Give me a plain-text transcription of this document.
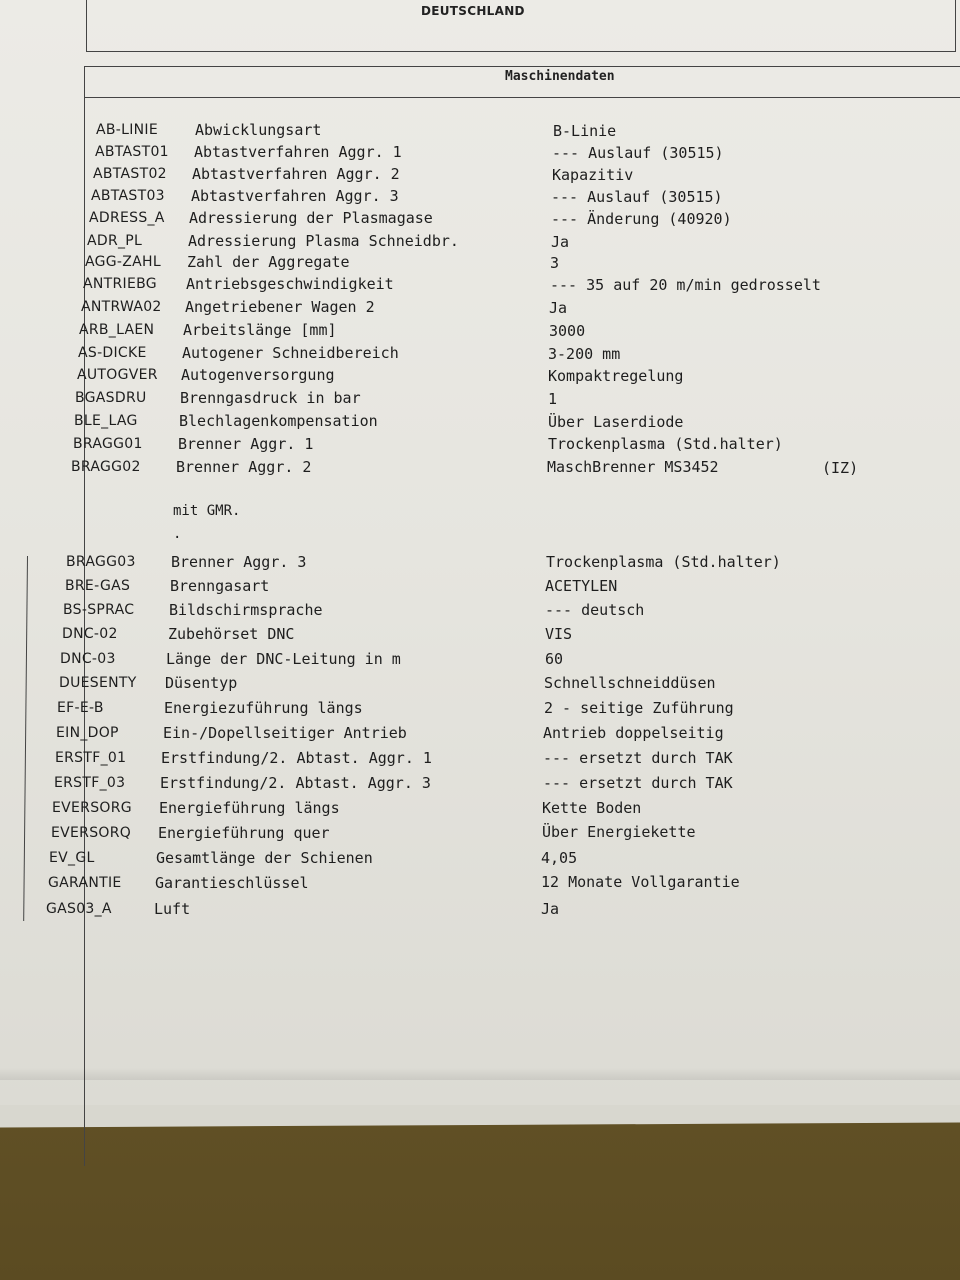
DEUTSCHLAND
Maschinendaten
AB-LINIE Abwicklungsart	B-Linie
ABTAST01 Abtastverfahren Aggr. 1	--- Auslauf (30515)
ABTAST02 Abtastverfahren Aggr. 2	Kapazitiv
ABTAST03 Abtastverfahren Aggr. 3	--- Auslauf (30515)
ADRESS_A Adressierung der Plasmagase	--- Änderung (40920)
ADR_PL	Adressierung Plasma Schneidbr.	Ja
AGG-ZAHL Zahl der Aggregate	3
ANTRIEBG Antriebsgeschwindigkeit	--- 35 auf 20 m/min gedrosselt
ANTRWA02 Angetriebener Wagen 2	Ja
ARB_LAEN Arbeitslänge [mm]	3000
AS-DICKE Autogener Schneidbereich	3-200 mm
AUTOGVER Autogenversorgung	Kompaktregelung
BGASDRU Brenngasdruck in bar	1
BLE_LAG	Blechlagenkompensation	Über Laserdiode
BRAGG01 Brenner Aggr. 1	Trockenplasma (Std.halter)
BRAGG02 Brenner Aggr. 2	MaschBrenner MS3452	(IZ)
BRAGG03 Brenner Aggr. 3	Trockenplasma (Std.halter)
BRE-GAS	Brenngasart	ACETYLEN
BS-SPRAC Bildschirmsprache	--- deutsch
DNC-02	Zubehörset DNC	VIS
DNC-03	Länge der DNC-Leitung in m	60
DUESENTY Düsentyp	Schnellschneiddüsen
EF-E-B	Energiezuführung längs	2 - seitige Zuführung
EIN_DOP	Ein-/Dopellseitiger Antrieb	Antrieb doppelseitig
ERSTF_01 Erstfindung/2. Abtast. Aggr. 1	--- ersetzt durch TAK
ERSTF_03 Erstfindung/2. Abtast. Aggr. 3	--- ersetzt durch TAK
EVERSORG Energieführung längs	Kette Boden
EVERSORQ Energieführung quer	Über Energiekette
EV_GL	Gesamtlänge der Schienen	4,05
GARANTIE Garantieschlüssel	12 Monate Vollgarantie
GAS03_A	Luft	Ja
mit GMR.
.
